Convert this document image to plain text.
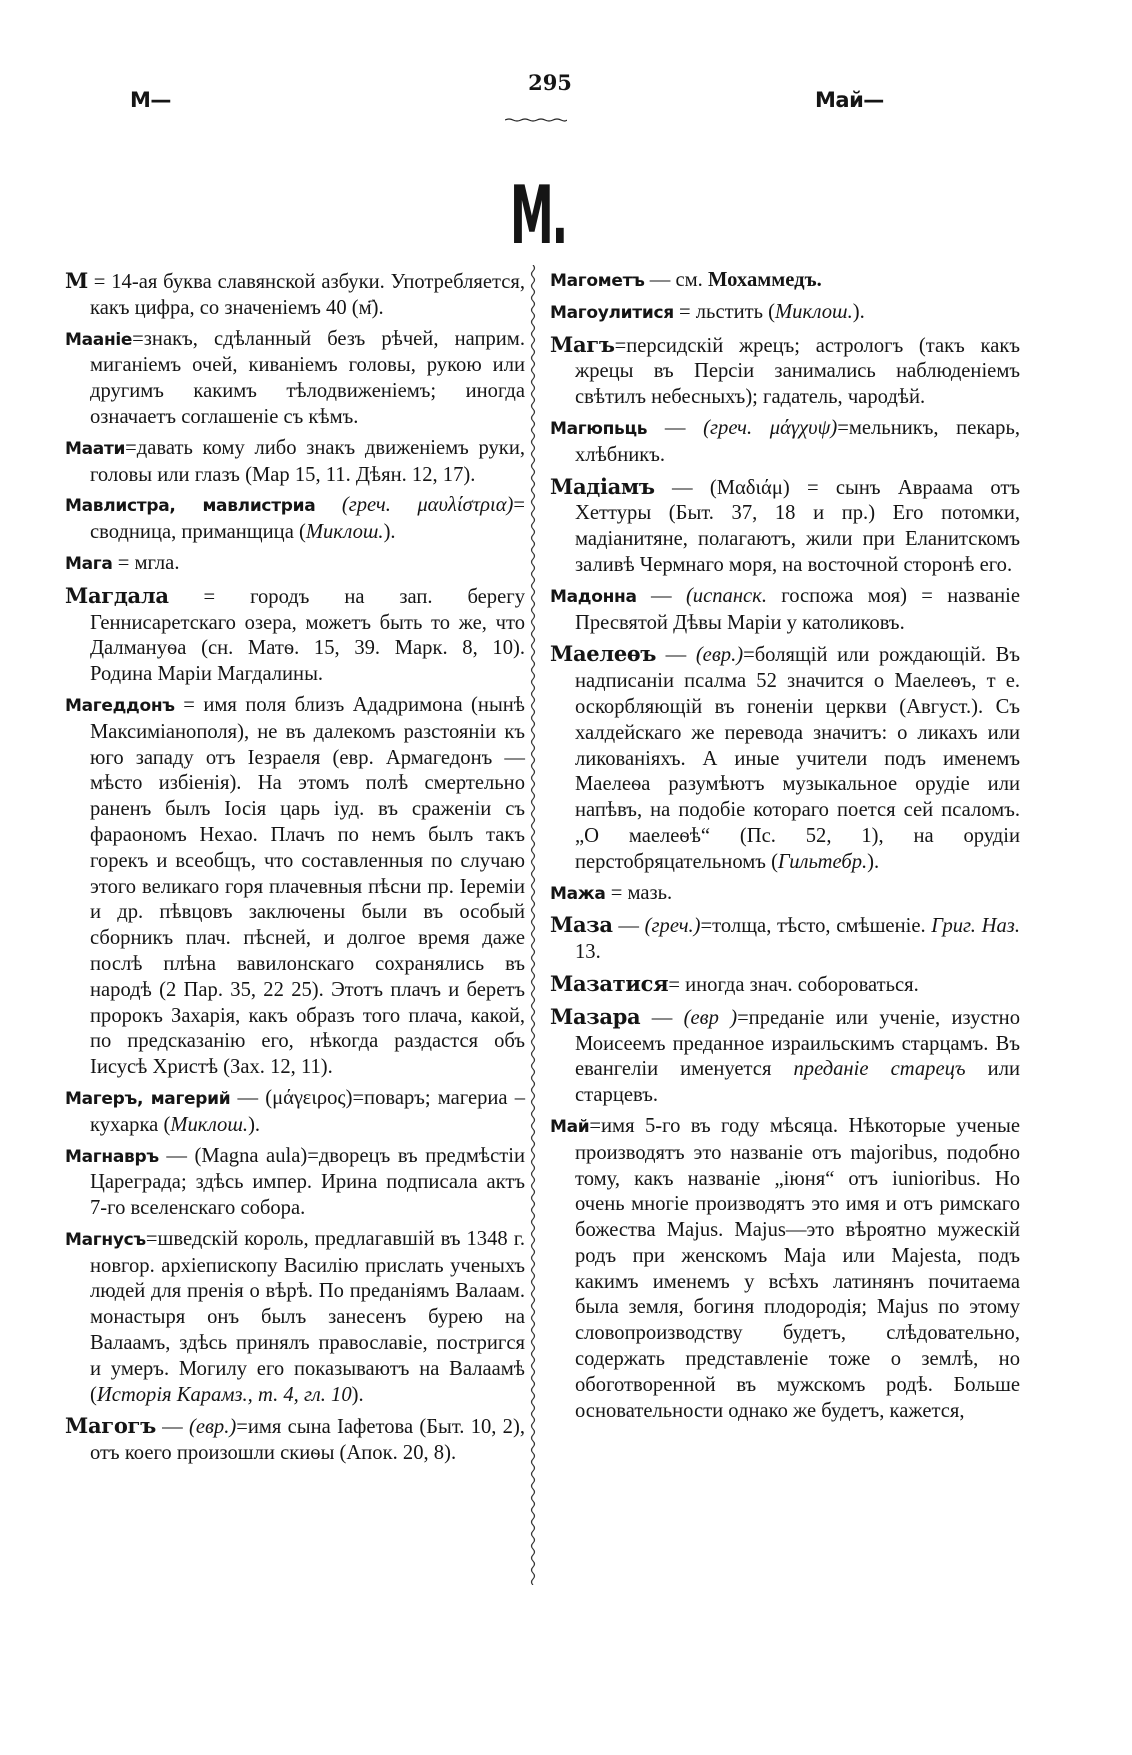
М—
295
Май—
М.
М = 14-ая буква славянской азбуки. Употребляется, какъ цифра, со значенiемъ 40 (м҃).
Маанiе=знакъ, сдѣланный безъ рѣчей, наприм. миганiемъ очей, киванiемъ головы, рукою или другимъ какимъ тѣлодвиженiемъ; иногда означаетъ соглашенiе съ кѣмъ.
Маати=давать кому либо знакъ движенiемъ руки, головы или глазъ (Мар 15, 11. Дѣян. 12, 17).
Мавлистра, мавлистриа (греч. μαυλίστρια)= сводница, приманщица (Миклош.).
Мага = мгла.
Магдала = городъ на зап. берегу Геннисаретскаго озера, можетъ быть то же, что Далмануѳа (сн. Матѳ. 15, 39. Марк. 8, 10). Родина Марiи Магдалины.
Магеддонъ = имя поля близъ Ададримона (нынѣ Максимiанополя), не въ далекомъ разстоянiи къ юго западу отъ Iезраеля (евр. Армагедонъ — мѣсто избiенiя). На этомъ полѣ смертельно раненъ былъ Iосiя царь iуд. въ сраженiи съ фараономъ Нехао. Плачъ по немъ былъ такъ горекъ и всеобщъ, что составленныя по случаю этого великаго горя плачевныя пѣсни пр. Iеремiи и др. пѣвцовъ заключены были въ особый сборникъ плач. пѣсней, и долгое время даже послѣ плѣна вавилонскаго сохранялись въ народѣ (2 Пар. 35, 22 25). Этотъ плачъ и беретъ пророкъ Захарiя, какъ образъ того плача, какой, по предсказанiю его, нѣкогда раздастся объ Iисусѣ Христѣ (Зах. 12, 11).
Магеръ, магерий — (μάγειρος)=поваръ; магериа – кухарка (Миклош.).
Магнавръ — (Magna aula)=дворецъ въ предмѣстiи Цареграда; здѣсь импер. Ирина подписала актъ 7-го вселенскаго собора.
Магнусъ=шведскiй король, предлагавшiй въ 1348 г. новгор. архiепископу Василiю прислать ученыхъ людей для пренiя о вѣрѣ. По преданiямъ Валаам. монастыря онъ былъ занесенъ бурею на Валаамъ, здѣсь принялъ православiе, постригся и умеръ. Могилу его показываютъ на Валаамѣ (Исторiя Карамз., т. 4, гл. 10).
Магогъ — (евр.)=имя сына Iафетова (Быт. 10, 2), отъ коего произошли скиѳы (Апок. 20, 8).
Магометъ — см. Мохаммедъ.
Магоулитися = льстить (Миклош.).
Магъ=персидскiй жрецъ; астрологъ (такъ какъ жрецы въ Персiи занимались наблюденiемъ свѣтилъ небесныхъ); гадатель, чародѣй.
Магюпьць — (греч. μάγχυψ)=мельникъ, пекарь, хлѣбникъ.
Мадiамъ — (Μαδιάμ) = сынъ Авраама отъ Хеттуры (Быт. 37, 18 и пр.) Его потомки, мадiанитяне, полагаютъ, жили при Еланитскомъ заливѣ Чермнаго моря, на восточной сторонѣ его.
Мадонна — (испанск. госпожа моя) = названiе Пресвятой Дѣвы Марiи у католиковъ.
Маелеѳъ — (евр.)=болящiй или рождающiй. Въ надписанiи псалма 52 значится о Маелеѳъ, т е. оскорбляющiй въ гоненiи церкви (Август.). Съ халдейскаго же перевода значитъ: о ликахъ или ликованiяхъ. А иные учители подъ именемъ Маелеѳа разумѣютъ музыкальное орудiе или напѣвъ, на подобiе котораго поется сей псаломъ. „О маелеѳѣ“ (Пс. 52, 1), на орудiи перстобряцательномъ (Гильтебр.).
Мажа = мазь.
Маза — (греч.)=толща, тѣсто, смѣшенiе. Григ. Наз. 13.
Мазатися= иногда знач. собороваться.
Мазара — (евр )=преданiе или ученiе, изустно Моисеемъ преданное израильскимъ старцамъ. Въ евангелiи именуется преданiе старецъ или старцевъ.
Май=имя 5-го въ году мѣсяца. Нѣкоторые ученые производятъ это названiе отъ majoribus, подобно тому, какъ названiе „iюня“ отъ iunioribus. Но очень многiе производятъ это имя и отъ римскаго божества Majus. Majus—это вѣроятно мужескiй родъ при женскомъ Maja или Majesta, подъ какимъ именемъ у всѣхъ латинянъ почитаема была земля, богиня плодородiя; Majus по этому словопроизводству будетъ, слѣдовательно, содержать представленiе тоже о землѣ, но обоготворенной въ мужскомъ родѣ. Больше основательности однако же будетъ, кажется,
